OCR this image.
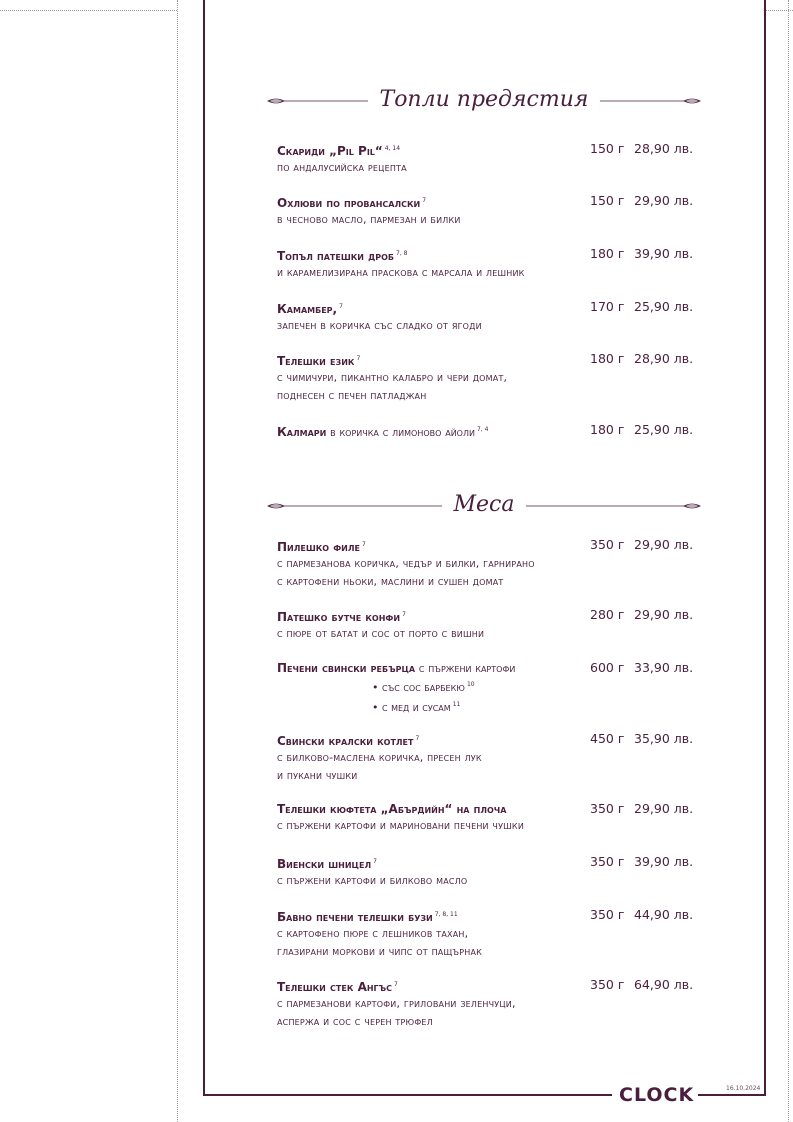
CLOCK	16.10.2024
Топли предястия
Скариди „Pil Pil“ $^{4, 14}$
по андалусийска рецепта
150 г 28,90 лв.
Охлюви по провансалски $^7$
в чесново масло, пармезан и билки
150 г 29,90 лв.
Топъл патешки дроб $^{7, 8}$
и карамелизирана праскова с марсала и лешник
180 г 39,90 лв.
Камамбер, $^7$
запечен в коричка със сладко от ягоди
170 г 25,90 лв.
Телешки език $^7$
с чимичури, пикантно калабро и чери домат,
поднесен с печен патладжан
180 г 28,90 лв.
Калмари в коричка с лимоново айоли $^{7, 4}$	180 г 25,90 лв.
Меса
Пилешко филе $^7$
с пармезанова коричка, чедър и билки, гарнирано
с картофени ньоки, маслини и сушен домат
350 г 29,90 лв.
Патешко бутче конфи $^7$
с пюре от батат и сос от порто с вишни
280 г 29,90 лв.
Печени свински ребърца с пържени картофи
• със сос барбекю $^{10}$
• с мед и сусам $^{11}$
600 г 33,90 лв.
Свински кралски котлет $^7$
с билково-маслена коричка, пресен лук
и пукани чушки
450 г 35,90 лв.
Телешки кюфтета „Абърдийн“ на плоча
с пържени картофи и мариновани печени чушки
350 г 29,90 лв.
Виенски шницел $^7$
с пържени картофи и билково масло
350 г 39,90 лв.
Бавно печени телешки бузи $^{7, 8, 11}$
с картофено пюре с лешников тахан,
глазирани моркови и чипс от пащърнак
350 г 44,90 лв.
Телешки стек Ангъс $^7$
с пармезанови картофи, гриловани зеленчуци,
аспержа и сос с черен трюфел
350 г 64,90 лв.
